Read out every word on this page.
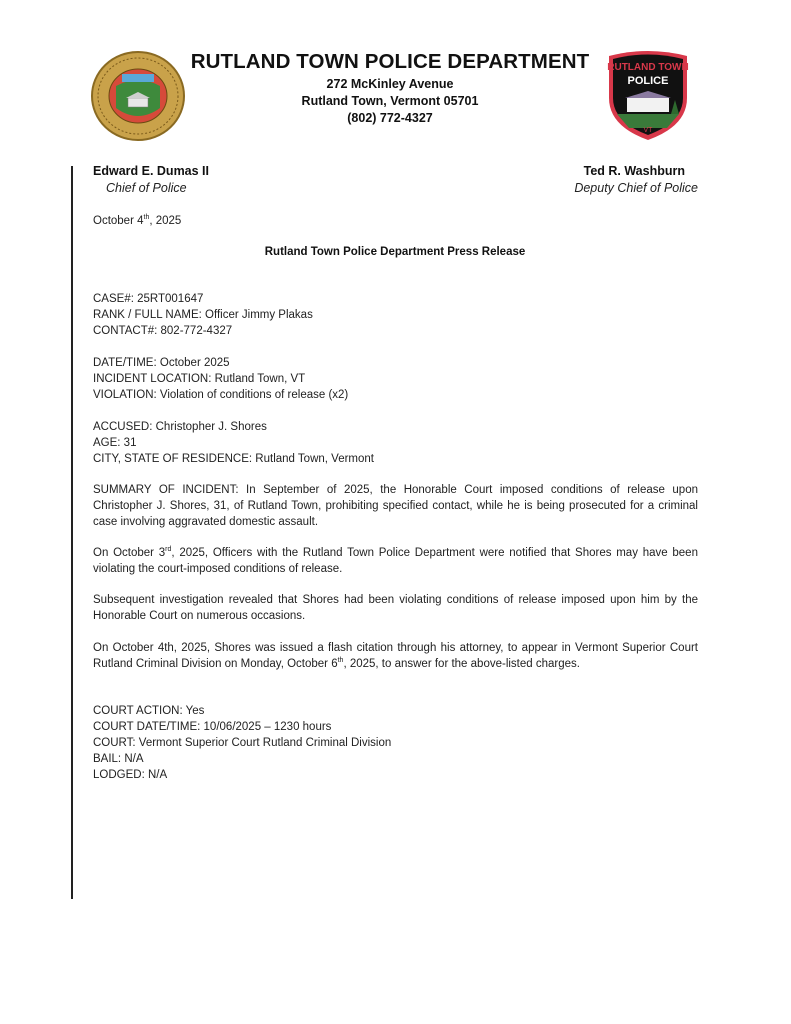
RUTLAND TOWN POLICE DEPARTMENT
272 McKinley Avenue
Rutland Town, Vermont 05701
(802) 772-4327
RUTLAND TOWN
POLICE
VT
Edward E. Dumas II
Chief of Police
Ted R. Washburn
Deputy Chief of Police
October 4th, 2025
Rutland Town Police Department Press Release
CASE#: 25RT001647
RANK / FULL NAME: Officer Jimmy Plakas
CONTACT#: 802-772-4327
DATE/TIME: October 2025
INCIDENT LOCATION: Rutland Town, VT
VIOLATION: Violation of conditions of release (x2)
ACCUSED: Christopher J. Shores
AGE: 31
CITY, STATE OF RESIDENCE: Rutland Town, Vermont
SUMMARY OF INCIDENT: In September of 2025, the Honorable Court imposed conditions of release upon Christopher J. Shores, 31, of Rutland Town, prohibiting specified contact, while he is being prosecuted for a criminal case involving aggravated domestic assault.
On October 3rd, 2025, Officers with the Rutland Town Police Department were notified that Shores may have been violating the court-imposed conditions of release.
Subsequent investigation revealed that Shores had been violating conditions of release imposed upon him by the Honorable Court on numerous occasions.
On October 4th, 2025, Shores was issued a flash citation through his attorney, to appear in Vermont Superior Court Rutland Criminal Division on Monday, October 6th, 2025, to answer for the above-listed charges.
COURT ACTION: Yes
COURT DATE/TIME: 10/06/2025 – 1230 hours
COURT: Vermont Superior Court Rutland Criminal Division
BAIL: N/A
LODGED: N/A
